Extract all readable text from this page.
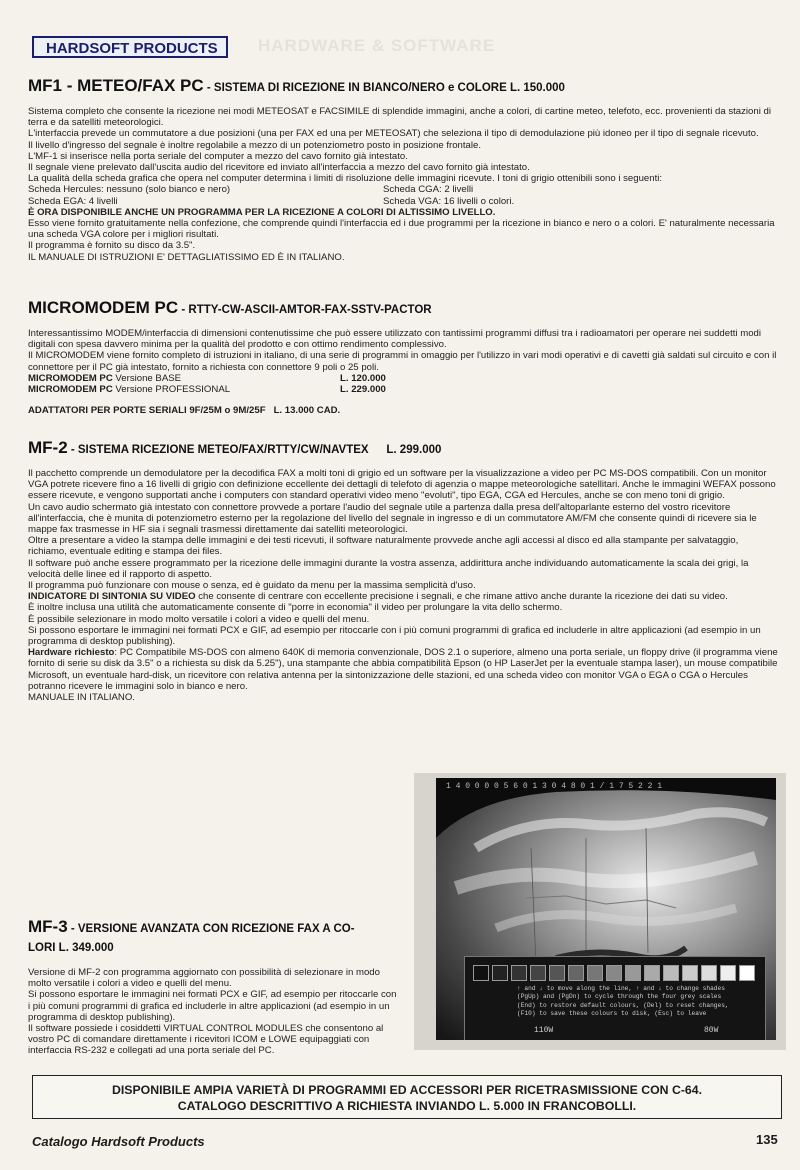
HARDSOFT PRODUCTS	HARDWARE & SOFTWARE
MF1 - METEO/FAX PC - SISTEMA DI RICEZIONE IN BIANCO/NERO e COLORE L. 150.000

Sistema completo che consente la ricezione nei modi METEOSAT e FACSIMILE di splendide immagini, anche a colori, di cartine meteo, telefoto, ecc. provenienti da stazioni di terra e da satelliti meteorologici.

L'interfaccia prevede un commutatore a due posizioni (una per FAX ed una per METEOSAT) che seleziona il tipo di demodulazione più idoneo per il tipo di segnale ricevuto.

Il livello d'ingresso del segnale è inoltre regolabile a mezzo di un potenziometro posto in posizione frontale.

L'MF-1 si inserisce nella porta seriale del computer a mezzo del cavo fornito già intestato.

Il segnale viene prelevato dall'uscita audio del ricevitore ed inviato all'interfaccia a mezzo del cavo fornito già intestato.

La qualità della scheda grafica che opera nel computer determina i limiti di risoluzione delle immagini ricevute. I toni di grigio ottenibili sono i seguenti:

Scheda Hercules: nessuno (solo bianco e nero)	Scheda CGA: 2 livelli
Scheda EGA: 4 livelli	Scheda VGA: 16 livelli o colori.

È ORA DISPONIBILE ANCHE UN PROGRAMMA PER LA RICEZIONE A COLORI DI ALTISSIMO LIVELLO.

Esso viene fornito gratuitamente nella confezione, che comprende quindi l'interfaccia ed i due programmi per la ricezione in bianco e nero o a colori. E' naturalmente necessaria una scheda VGA colore per i migliori risultati.

Il programma è fornito su disco da 3.5".

IL MANUALE DI ISTRUZIONI E' DETTAGLIATISSIMO ED È IN ITALIANO.

MICROMODEM PC - RTTY-CW-ASCII-AMTOR-FAX-SSTV-PACTOR

Interessantissimo MODEM/interfaccia di dimensioni contenutissime che può essere utilizzato con tantissimi programmi diffusi tra i radioamatori per operare nei suddetti modi digitali con spesa davvero minima per la qualità del prodotto e con ottimo rendimento complessivo.

Il MICROMODEM viene fornito completo di istruzioni in italiano, di una serie di programmi in omaggio per l'utilizzo in vari modi operativi e di cavetti già saldati sul circuito e con il connettore per il PC già intestato, fornito a richiesta con connettore 9 poli o 25 poli.

MICROMODEM PC Versione BASE	L. 120.000
MICROMODEM PC Versione PROFESSIONAL	L. 229.000
ADATTATORI PER PORTE SERIALI 9F/25M o 9M/25F L. 13.000 CAD.
MF-2 - SISTEMA RICEZIONE METEO/FAX/RTTY/CW/NAVTEX L. 299.000

Il pacchetto comprende un demodulatore per la decodifica FAX a molti toni di grigio ed un software per la visualizzazione a video per PC MS-DOS compatibili. Con un monitor VGA potrete ricevere fino a 16 livelli di grigio con definizione eccellente dei dettagli di telefoto di agenzia o mappe meteorologiche satellitari. Anche le immagini WEFAX possono essere ricevute, e vengono supportati anche i computers con standard operativi video meno "evoluti", tipo EGA, CGA ed Hercules, anche se con meno toni di grigio.

Un cavo audio schermato già intestato con connettore provvede a portare l'audio del segnale utile a partenza dalla presa dell'altoparlante esterno del vostro ricevitore all'interfaccia, che è munita di potenziometro esterno per la regolazione del livello del segnale in ingresso e di un commutatore AM/FM che consente quindi di ricevere sia le mappe fax trasmesse in HF sia i segnali trasmessi direttamente dai satelliti meteorologici.

Oltre a presentare a video la stampa delle immagini e dei testi ricevuti, il software naturalmente provvede anche agli accessi al disco ed alla stampante per salvataggio, richiamo, eventuale editing e stampa dei files.

Il software può anche essere programmato per la ricezione delle immagini durante la vostra assenza, addirittura anche individuando automaticamente la scala dei grigi, la velocità delle linee ed il rapporto di aspetto.

Il programma può funzionare con mouse o senza, ed è guidato da menu per la massima semplicità d'uso.

INDICATORE DI SINTONIA SU VIDEO che consente di centrare con eccellente precisione i segnali, e che rimane attivo anche durante la ricezione dei dati su video.

È inoltre inclusa una utilità che automaticamente consente di "porre in economia" il video per prolungare la vita dello schermo.

È possibile selezionare in modo molto versatile i colori a video e quelli del menu.

Si possono esportare le immagini nei formati PCX e GIF, ad esempio per ritoccarle con i più comuni programmi di grafica ed includerle in altre applicazioni (ad esempio in un programma di desktop publishing).

Hardware richiesto: PC Compatibile MS-DOS con almeno 640K di memoria convenzionale, DOS 2.1 o superiore, almeno una porta seriale, un floppy drive (il programma viene fornito di serie su disk da 3.5" o a richiesta su disk da 5.25"), una stampante che abbia compatibilità Epson (o HP LaserJet per la eventuale stampa laser), un mouse compatibile Microsoft, un eventuale hard-disk, un ricevitore con relativa antenna per la sintonizzazione delle stazioni, ed una scheda video con monitor VGA o EGA o CGA o Hercules potranno ricevere le immagini solo in bianco e nero.

MANUALE IN ITALIANO.

1 4 0 0 0 0 5 6 0 1 3 0 4 8 0 1 / 1 7 5 2 2 1
↑ and ↓ to move along the line, ↑ and ↓ to change shades
(PgUp) and (PgDn) to cycle through the four grey scales
(End) to restore default colours, (Del) to reset changes,
(F10) to save these colours to disk, (Esc) to leave
110W	80W
MF-3 - VERSIONE AVANZATA CON RICEZIONE FAX A CO-
LORI L. 349.000

Versione di MF-2 con programma aggiornato con possibilità di selezionare in modo molto versatile i colori a video e quelli del menu.

Si possono esportare le immagini nei formati PCX e GIF, ad esempio per ritoccarle con i più comuni programmi di grafica ed includerle in altre applicazioni (ad esempio in un programma di desktop publishing).

Il software possiede i cosiddetti VIRTUAL CONTROL MODULES che consentono al vostro PC di comandare direttamente i ricevitori ICOM e LOWE equipaggiati con interfaccia RS-232 e collegati ad una porta seriale del PC.

DISPONIBILE AMPIA VARIETÀ DI PROGRAMMI ED ACCESSORI PER RICETRASMISSIONE CON C-64.
CATALOGO DESCRITTIVO A RICHIESTA INVIANDO L. 5.000 IN FRANCOBOLLI.
Catalogo Hardsoft Products	135
